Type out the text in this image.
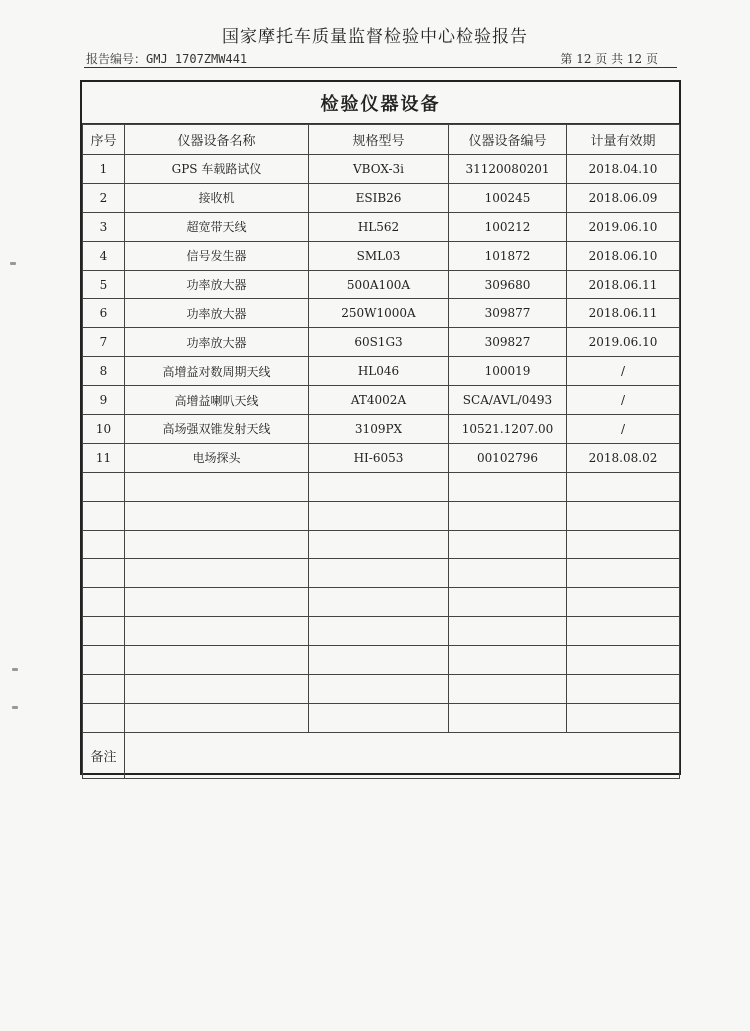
国家摩托车质量监督检验中心检验报告
报告编号：GMJ 1707ZMW441	第 12 页 共 12 页
检验仪器设备
序号	仪器设备名称	规格型号	仪器设备编号	计量有效期
1	GPS 车载路试仪	VBOX-3i	31120080201	2018.04.10
2	接收机	ESIB26	100245	2018.06.09
3	超宽带天线	HL562	100212	2019.06.10
4	信号发生器	SML03	101872	2018.06.10
5	功率放大器	500A100A	309680	2018.06.11
6	功率放大器	250W1000A	309877	2018.06.11
7	功率放大器	60S1G3	309827	2019.06.10
8	高增益对数周期天线	HL046	100019	/
9	高增益喇叭天线	AT4002A	SCA/AVL/0493	/
10	高场强双锥发射天线	3109PX	10521.1207.00	/
11	电场探头	HI-6053	00102796	2018.08.02

备注				
